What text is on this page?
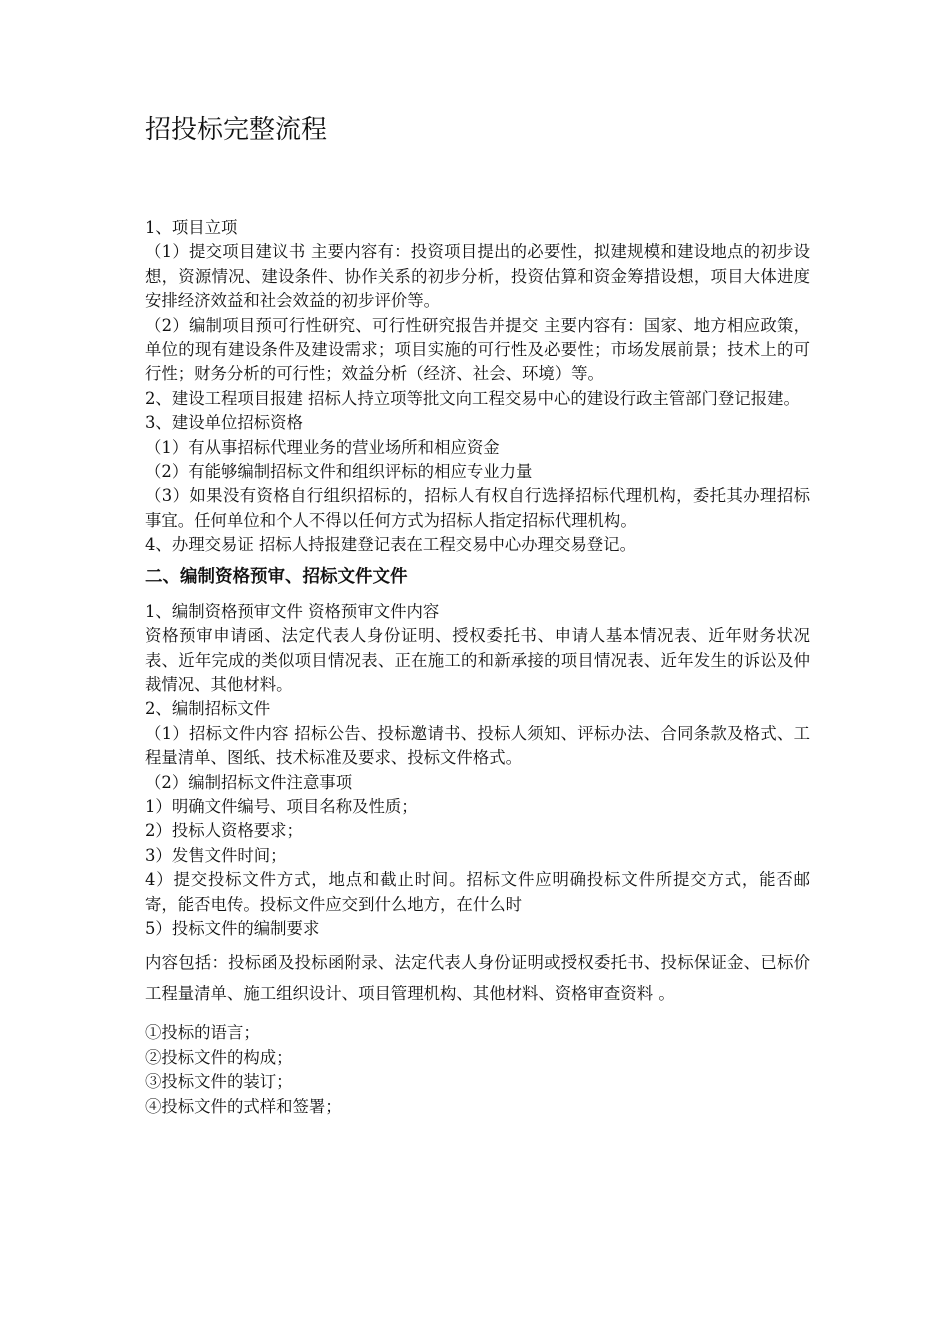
招投标完整流程

1、项目立项

（1）提交项目建议书 主要内容有：投资项目提出的必要性，拟建规模和建设地点的初步设想，资源情况、建设条件、协作关系的初步分析，投资估算和资金筹措设想，项目大体进度安排经济效益和社会效益的初步评价等。

（2）编制项目预可行性研究、可行性研究报告并提交 主要内容有：国家、地方相应政策，单位的现有建设条件及建设需求；项目实施的可行性及必要性；市场发展前景；技术上的可行性；财务分析的可行性；效益分析（经济、社会、环境）等。

2、建设工程项目报建 招标人持立项等批文向工程交易中心的建设行政主管部门登记报建。

3、建设单位招标资格

（1）有从事招标代理业务的营业场所和相应资金

（2）有能够编制招标文件和组织评标的相应专业力量

（3）如果没有资格自行组织招标的，招标人有权自行选择招标代理机构，委托其办理招标事宜。任何单位和个人不得以任何方式为招标人指定招标代理机构。

4、办理交易证 招标人持报建登记表在工程交易中心办理交易登记。

二、编制资格预审、招标文件文件

1、编制资格预审文件 资格预审文件内容

资格预审申请函、法定代表人身份证明、授权委托书、申请人基本情况表、近年财务状况表、近年完成的类似项目情况表、正在施工的和新承接的项目情况表、近年发生的诉讼及仲裁情况、其他材料。

2、编制招标文件

（1）招标文件内容 招标公告、投标邀请书、投标人须知、评标办法、合同条款及格式、工程量清单、图纸、技术标准及要求、投标文件格式。

（2）编制招标文件注意事项

1）明确文件编号、项目名称及性质；

2）投标人资格要求；

3）发售文件时间；

4）提交投标文件方式，地点和截止时间。招标文件应明确投标文件所提交方式，能否邮寄，能否电传。投标文件应交到什么地方，在什么时

5）投标文件的编制要求

内容包括：投标函及投标函附录、法定代表人身份证明或授权委托书、投标保证金、已标价工程量清单、施工组织设计、项目管理机构、其他材料、资格审查资料 。

①投标的语言；

②投标文件的构成；

③投标文件的装订；

④投标文件的式样和签署；
